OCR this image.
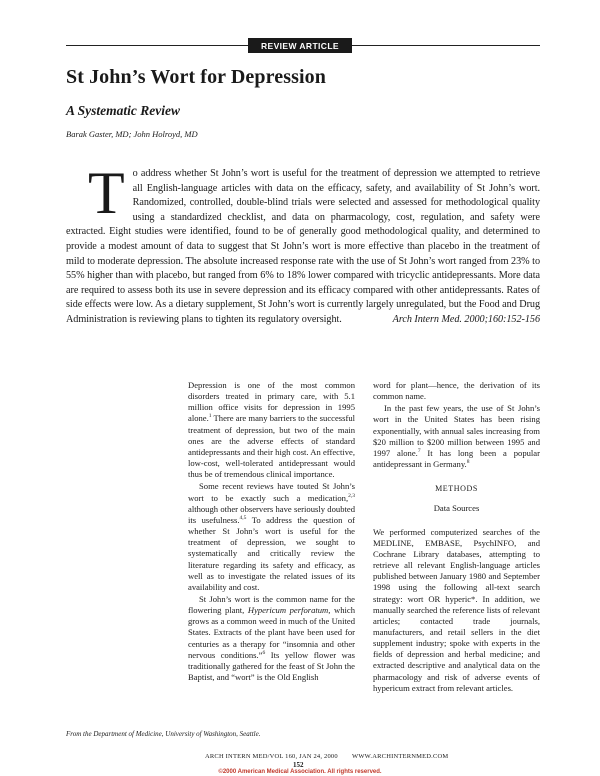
REVIEW ARTICLE
St John’s Wort for Depression
A Systematic Review
Barak Gaster, MD; John Holroyd, MD
To address whether St John’s wort is useful for the treatment of depression we attempted to retrieve all English-language articles with data on the efficacy, safety, and availability of St John’s wort. Randomized, controlled, double-blind trials were selected and assessed for methodological quality using a standardized checklist, and data on pharmacology, cost, regulation, and safety were extracted. Eight studies were identified, found to be of generally good methodological quality, and determined to provide a modest amount of data to suggest that St John’s wort is more effective than placebo in the treatment of mild to moderate depression. The absolute increased response rate with the use of St John’s wort ranged from 23% to 55% higher than with placebo, but ranged from 6% to 18% lower compared with tricyclic antidepressants. More data are required to assess both its use in severe depression and its efficacy compared with other antidepressants. Rates of side effects were low. As a dietary supplement, St John’s wort is currently largely unregulated, but the Food and Drug Administration is reviewing plans to tighten its regulatory oversight.	Arch Intern Med. 2000;160:152-156

Depression is one of the most common disorders treated in primary care, with 5.1 million office visits for depression in 1995 alone.$^1$ There are many barriers to the successful treatment of depression, but two of the main ones are the adverse effects of standard antidepressants and their high cost. An effective, low-cost, well-tolerated antidepressant would thus be of tremendous clinical importance.

Some recent reviews have touted St John’s wort to be exactly such a medication,$^{2,3}$ although other observers have seriously doubted its usefulness.$^{4,5}$ To address the question of whether St John’s wort is useful for the treatment of depression, we sought to systematically and critically review the literature regarding its safety and efficacy, as well as to investigate the related issues of its availability and cost.

St John’s wort is the common name for the flowering plant, Hypericum perforatum, which grows as a common weed in much of the United States. Extracts of the plant have been used for centuries as a therapy for “insomnia and other nervous conditions.”$^6$ Its yellow flower was traditionally gathered for the feast of St John the Baptist, and “wort” is the Old English

word for plant—hence, the derivation of its common name.

In the past few years, the use of St John’s wort in the United States has been rising exponentially, with annual sales increasing from $20 million to $200 million between 1995 and 1997 alone.$^7$ It has long been a popular antidepressant in Germany.$^8$

METHODS
Data Sources

We performed computerized searches of the MEDLINE, EMBASE, PsychINFO, and Cochrane Library databases, attempting to retrieve all relevant English-language articles published between January 1980 and September 1998 using the following all-text search strategy: wort OR hyperic*. In addition, we manually searched the reference lists of relevant articles; contacted trade journals, manufacturers, and retail sellers in the diet supplement industry; spoke with experts in the fields of depression and herbal medicine; and extracted descriptive and analytical data on the pharmacology and risk of adverse events of hypericum extract from relevant articles.

From the Department of Medicine, University of Washington, Seattle.
ARCH INTERN MED/VOL 160, JAN 24, 2000 WWW.ARCHINTERNMED.COM
152
©2000 American Medical Association. All rights reserved.
